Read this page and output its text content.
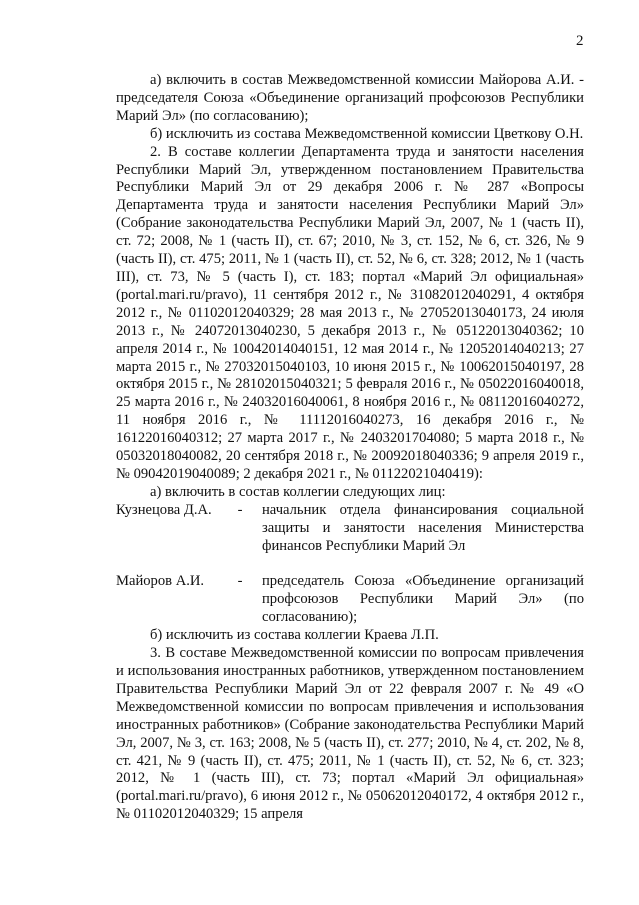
2

а) включить в состав Межведомственной комиссии Майорова А.И. - председателя Союза «Объединение организаций профсоюзов Республики Марий Эл» (по согласованию);

б) исключить из состава Межведомственной комиссии Цветкову О.Н.

2. В составе коллегии Департамента труда и занятости населения Республики Марий Эл, утвержденном постановлением Правительства Республики Марий Эл от 29 декабря 2006 г. № 287 «Вопросы Департамента труда и занятости населения Республики Марий Эл» (Собрание законодательства Республики Марий Эл, 2007, № 1 (часть II), ст. 72; 2008, № 1 (часть II), ст. 67; 2010, № 3, ст. 152, № 6, ст. 326, № 9 (часть II), ст. 475; 2011, № 1 (часть II), ст. 52, № 6, ст. 328; 2012, № 1 (часть III), ст. 73, № 5 (часть I), ст. 183; портал «Марий Эл официальная» (portal.mari.ru/pravo), 11 сентября 2012 г., № 31082012040291, 4 октября 2012 г., № 01102012040329; 28 мая 2013 г., № 27052013040173, 24 июля 2013 г., № 24072013040230, 5 декабря 2013 г., № 05122013040362; 10 апреля 2014 г., № 10042014040151, 12 мая 2014 г., № 12052014040213; 27 марта 2015 г., № 27032015040103, 10 июня 2015 г., № 10062015040197, 28 октября 2015 г., № 28102015040321; 5 февраля 2016 г., № 05022016040018, 25 марта 2016 г., № 24032016040061, 8 ноября 2016 г., № 08112016040272, 11 ноября 2016 г., № 11112016040273, 16 декабря 2016 г., № 16122016040312; 27 марта 2017 г., № 2403201704080; 5 марта 2018 г., № 05032018040082, 20 сентября 2018 г., № 20092018040336; 9 апреля 2019 г., № 09042019040089; 2 декабря 2021 г., № 01122021040419):

а) включить в состав коллегии следующих лиц:

Кузнецова Д.А.	-	начальник отдела финансирования социальной защиты и занятости населения Министерства финансов Республики Марий Эл
Майоров А.И.	-	председатель Союза «Объединение организаций профсоюзов Республики Марий Эл» (по согласованию);

б) исключить из состава коллегии Краева Л.П.

3. В составе Межведомственной комиссии по вопросам привлечения и использования иностранных работников, утвержденном постановлением Правительства Республики Марий Эл от 22 февраля 2007 г. № 49 «О Межведомственной комиссии по вопросам привлечения и использования иностранных работников» (Собрание законодательства Республики Марий Эл, 2007, № 3, ст. 163; 2008, № 5 (часть II), ст. 277; 2010, № 4, ст. 202, № 8, ст. 421, № 9 (часть II), ст. 475; 2011, № 1 (часть II), ст. 52, № 6, ст. 323; 2012, № 1 (часть III), ст. 73; портал «Марий Эл официальная» (portal.mari.ru/pravo), 6 июня 2012 г., № 05062012040172, 4 октября 2012 г., № 01102012040329; 15 апреля
